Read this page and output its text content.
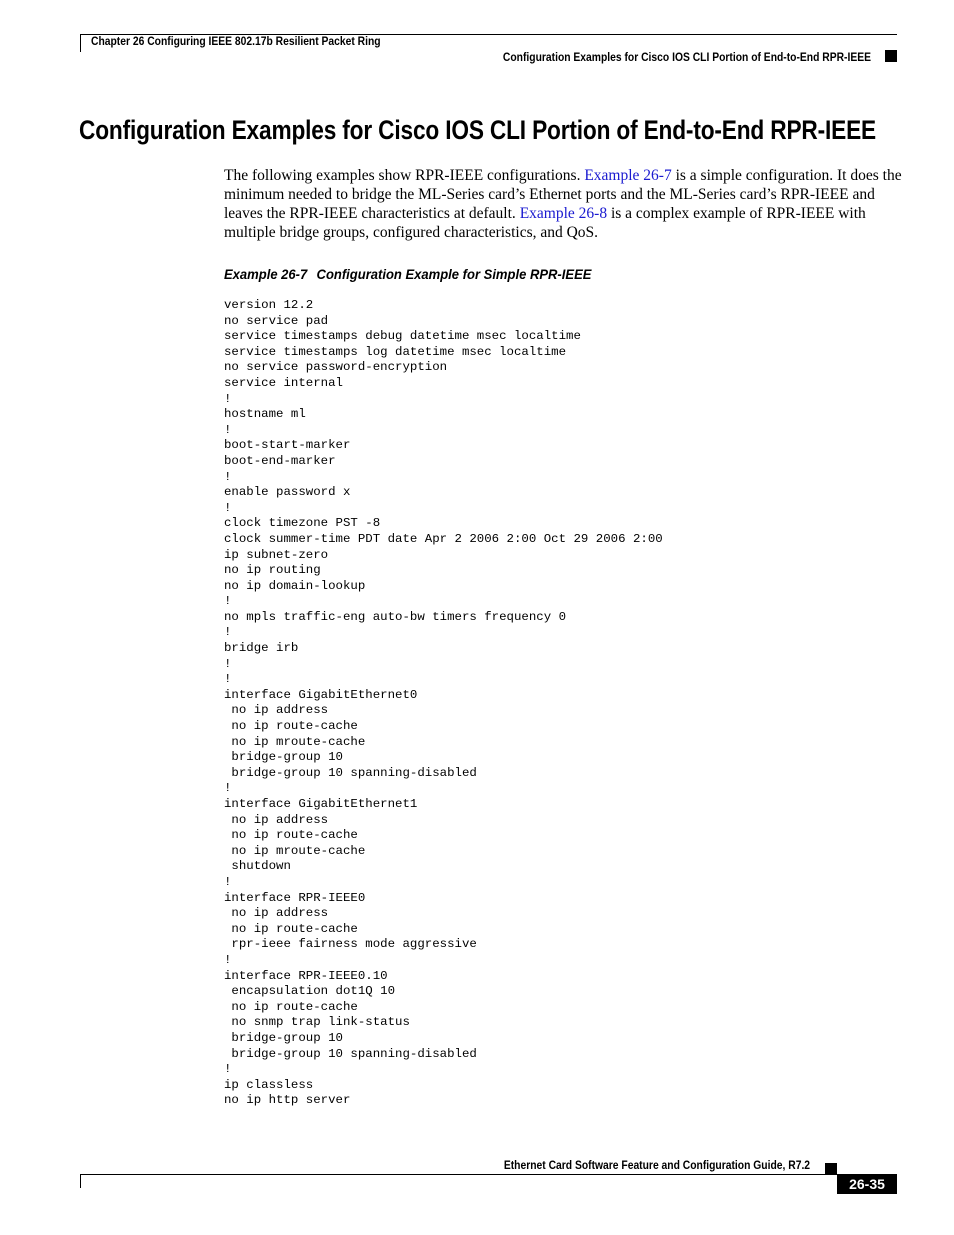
Chapter 26 Configuring IEEE 802.17b Resilient Packet Ring
Configuration Examples for Cisco IOS CLI Portion of End-to-End RPR-IEEE
Configuration Examples for Cisco IOS CLI Portion of End-to-End RPR-IEEE

The following examples show RPR-IEEE configurations. Example 26-7 is a simple configuration. It does the minimum needed to bridge the ML-Series card’s Ethernet ports and the ML-Series card’s RPR-IEEE and leaves the RPR-IEEE characteristics at default. Example 26-8 is a complex example of RPR-IEEE with multiple bridge groups, configured characteristics, and QoS.

Example 26-7 Configuration Example for Simple RPR-IEEE
version 12.2
no service pad
service timestamps debug datetime msec localtime
service timestamps log datetime msec localtime
no service password-encryption
service internal
!
hostname ml
!
boot-start-marker
boot-end-marker
!
enable password x
!
clock timezone PST -8
clock summer-time PDT date Apr 2 2006 2:00 Oct 29 2006 2:00
ip subnet-zero
no ip routing
no ip domain-lookup
!
no mpls traffic-eng auto-bw timers frequency 0
!
bridge irb
!
!
interface GigabitEthernet0
no ip address
no ip route-cache
no ip mroute-cache
bridge-group 10
bridge-group 10 spanning-disabled
!
interface GigabitEthernet1
no ip address
no ip route-cache
no ip mroute-cache
shutdown
!
interface RPR-IEEE0
no ip address
no ip route-cache
rpr-ieee fairness mode aggressive
!
interface RPR-IEEE0.10
encapsulation dot1Q 10
no ip route-cache
no snmp trap link-status
bridge-group 10
bridge-group 10 spanning-disabled
!
ip classless
no ip http server
Ethernet Card Software Feature and Configuration Guide, R7.2
26-35
